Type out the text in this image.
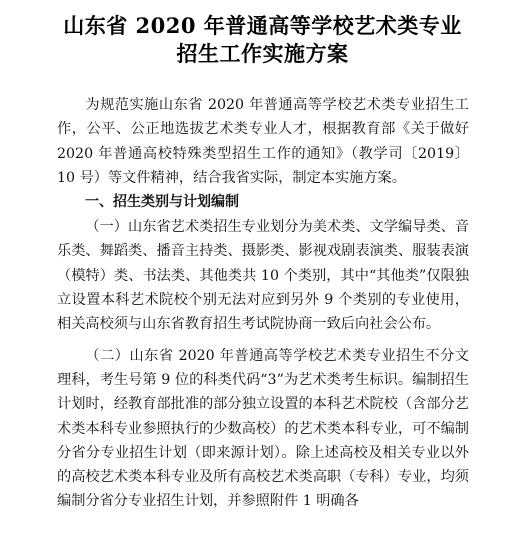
山东省 2020 年普通高等学校艺术类专业
招生工作实施方案

为规范实施山东省 2020 年普通高等学校艺术类专业招生工作，公平、公正地选拔艺术类专业人才，根据教育部《关于做好 2020 年普通高校特殊类型招生工作的通知》（教学司〔2019〕10 号）等文件精神，结合我省实际，制定本实施方案。

一、招生类别与计划编制

（一）山东省艺术类招生专业划分为美术类、文学编导类、音乐类、舞蹈类、播音主持类、摄影类、影视戏剧表演类、服装表演（模特）类、书法类、其他类共 10 个类别，其中“其他类”仅限独立设置本科艺术院校个别无法对应到另外 9 个类别的专业使用，相关高校须与山东省教育招生考试院协商一致后向社会公布。

（二）山东省 2020 年普通高等学校艺术类专业招生不分文理科，考生号第 9 位的科类代码“3”为艺术类考生标识。编制招生计划时，经教育部批准的部分独立设置的本科艺术院校（含部分艺术类本科专业参照执行的少数高校）的艺术类本科专业，可不编制分省分专业招生计划（即来源计划）。除上述高校及相关专业以外的高校艺术类本科专业及所有高校艺术类高职（专科）专业，均须编制分省分专业招生计划，并参照附件 1 明确各
